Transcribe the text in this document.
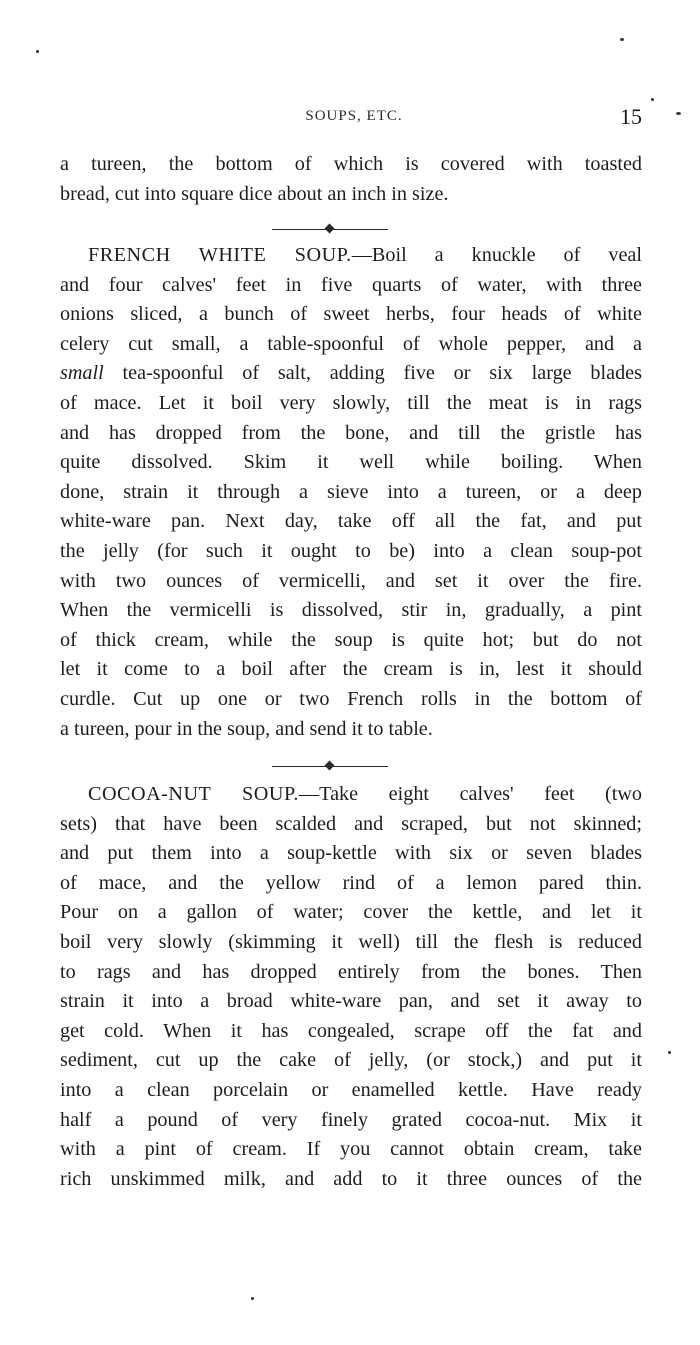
SOUPS, ETC.	15
a tureen, the bottom of which is covered with toasted
bread, cut into square dice about an inch in size.
FRENCH WHITE SOUP.—Boil a knuckle of veal
and four calves' feet in five quarts of water, with three
onions sliced, a bunch of sweet herbs, four heads of white
celery cut small, a table-spoonful of whole pepper, and a
small tea-spoonful of salt, adding five or six large blades
of mace. Let it boil very slowly, till the meat is in rags
and has dropped from the bone, and till the gristle has
quite dissolved. Skim it well while boiling. When
done, strain it through a sieve into a tureen, or a deep
white-ware pan. Next day, take off all the fat, and put
the jelly (for such it ought to be) into a clean soup-pot
with two ounces of vermicelli, and set it over the fire.
When the vermicelli is dissolved, stir in, gradually, a pint
of thick cream, while the soup is quite hot; but do not
let it come to a boil after the cream is in, lest it should
curdle. Cut up one or two French rolls in the bottom of
a tureen, pour in the soup, and send it to table.
COCOA-NUT SOUP.—Take eight calves' feet (two
sets) that have been scalded and scraped, but not skinned;
and put them into a soup-kettle with six or seven blades
of mace, and the yellow rind of a lemon pared thin.
Pour on a gallon of water; cover the kettle, and let it
boil very slowly (skimming it well) till the flesh is reduced
to rags and has dropped entirely from the bones. Then
strain it into a broad white-ware pan, and set it away to
get cold. When it has congealed, scrape off the fat and
sediment, cut up the cake of jelly, (or stock,) and put it
into a clean porcelain or enamelled kettle. Have ready
half a pound of very finely grated cocoa-nut. Mix it
with a pint of cream. If you cannot obtain cream, take
rich unskimmed milk, and add to it three ounces of the
